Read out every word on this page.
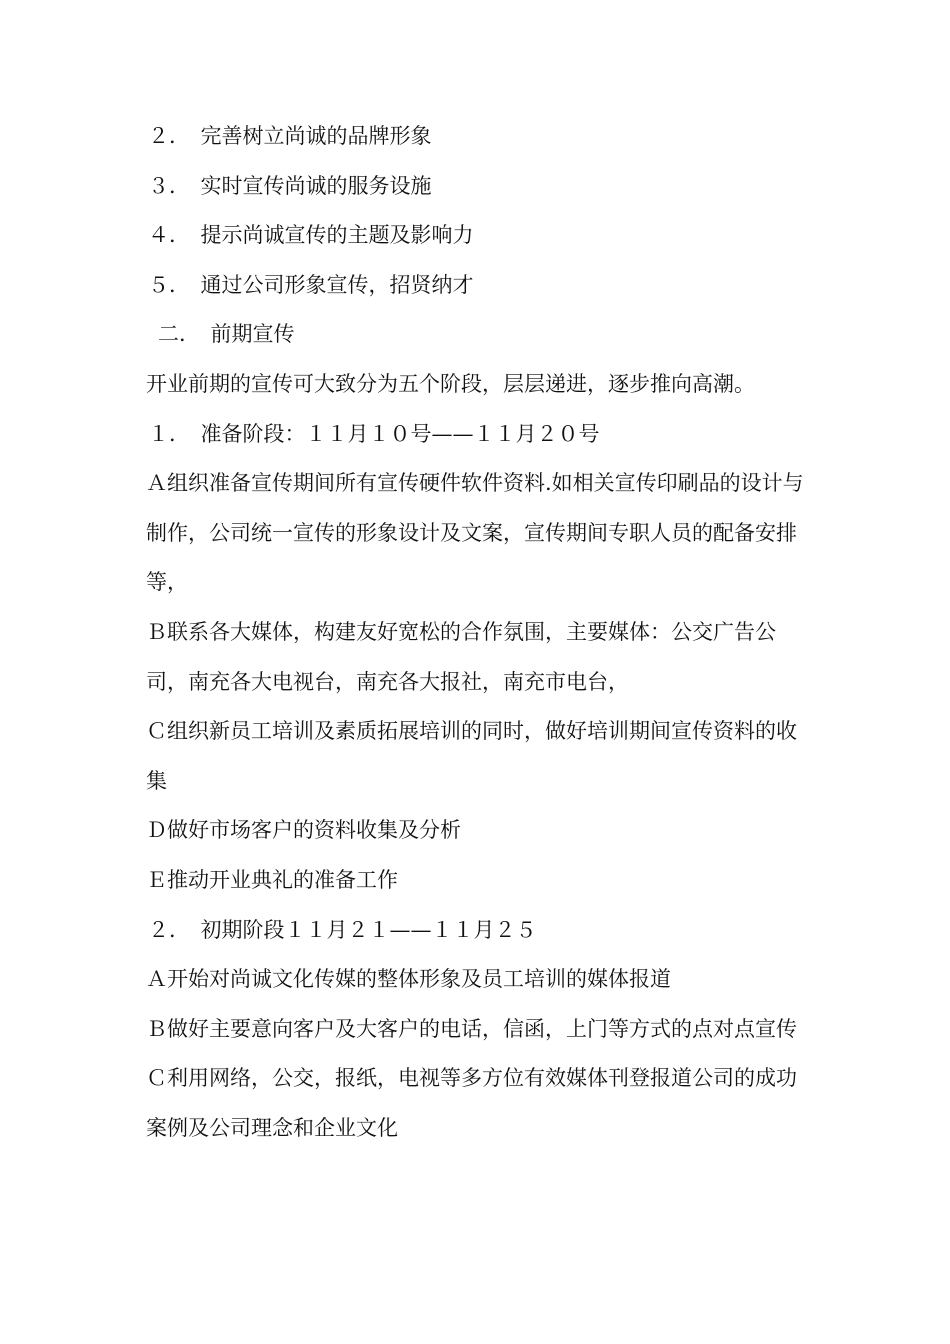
２．　完善树立尚诚的品牌形象

３．　实时宣传尚诚的服务设施

４．　提示尚诚宣传的主题及影响力

５．　通过公司形象宣传，招贤纳才

二．　前期宣传

开业前期的宣传可大致分为五个阶段，层层递进，逐步推向高潮。

１．　准备阶段：１１月１０号——１１月２０号

Ａ组织准备宣传期间所有宣传硬件软件资料.如相关宣传印刷品的设计与制作，公司统一宣传的形象设计及文案，宣传期间专职人员的配备安排等，

Ｂ联系各大媒体，构建友好宽松的合作氛围，主要媒体：公交广告公司，南充各大电视台，南充各大报社，南充市电台，

Ｃ组织新员工培训及素质拓展培训的同时，做好培训期间宣传资料的收集

Ｄ做好市场客户的资料收集及分析

Ｅ推动开业典礼的准备工作

２．　初期阶段１１月２１——１１月２５

Ａ开始对尚诚文化传媒的整体形象及员工培训的媒体报道

Ｂ做好主要意向客户及大客户的电话，信函，上门等方式的点对点宣传

Ｃ利用网络，公交，报纸，电视等多方位有效媒体刊登报道公司的成功案例及公司理念和企业文化
